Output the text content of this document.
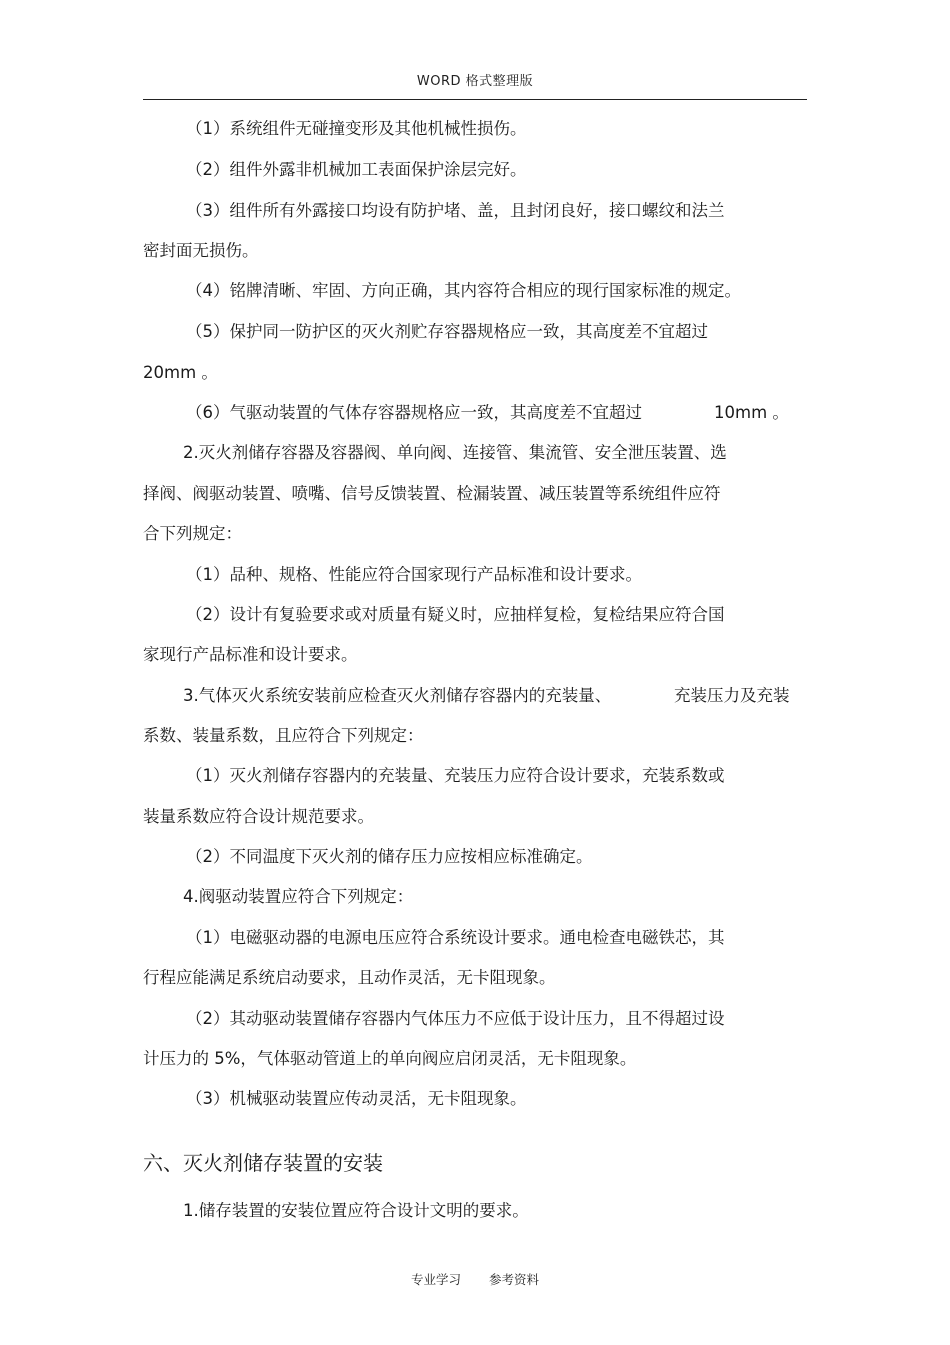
WORD 格式整理版
（1）系统组件无碰撞变形及其他机械性损伤。
（2）组件外露非机械加工表面保护涂层完好。
（3）组件所有外露接口均设有防护堵、盖，且封闭良好，接口螺纹和法兰
密封面无损伤。
（4）铭牌清晰、牢固、方向正确，其内容符合相应的现行国家标准的规定。
（5）保护同一防护区的灭火剂贮存容器规格应一致，其高度差不宜超过
20mm 。
（6）气驱动装置的气体存容器规格应一致，其高度差不宜超过	10mm 。
2.灭火剂储存容器及容器阀、单向阀、连接管、集流管、安全泄压装置、选
择阀、阀驱动装置、喷嘴、信号反馈装置、检漏装置、减压装置等系统组件应符
合下列规定：
（1）品种、规格、性能应符合国家现行产品标准和设计要求。
（2）设计有复验要求或对质量有疑义时，应抽样复检，复检结果应符合国
家现行产品标准和设计要求。
3.气体灭火系统安装前应检查灭火剂储存容器内的充装量、	充装压力及充装
系数、装量系数，且应符合下列规定：
（1）灭火剂储存容器内的充装量、充装压力应符合设计要求，充装系数或
装量系数应符合设计规范要求。
（2）不同温度下灭火剂的储存压力应按相应标准确定。
4.阀驱动装置应符合下列规定：
（1）电磁驱动器的电源电压应符合系统设计要求。通电检查电磁铁芯，其
行程应能满足系统启动要求，且动作灵活，无卡阻现象。
（2）其动驱动装置储存容器内气体压力不应低于设计压力，且不得超过设
计压力的 5%，气体驱动管道上的单向阀应启闭灵活，无卡阻现象。
（3）机械驱动装置应传动灵活，无卡阻现象。
六、灭火剂储存装置的安装
1.储存装置的安装位置应符合设计文明的要求。
专业学习 参考资料
